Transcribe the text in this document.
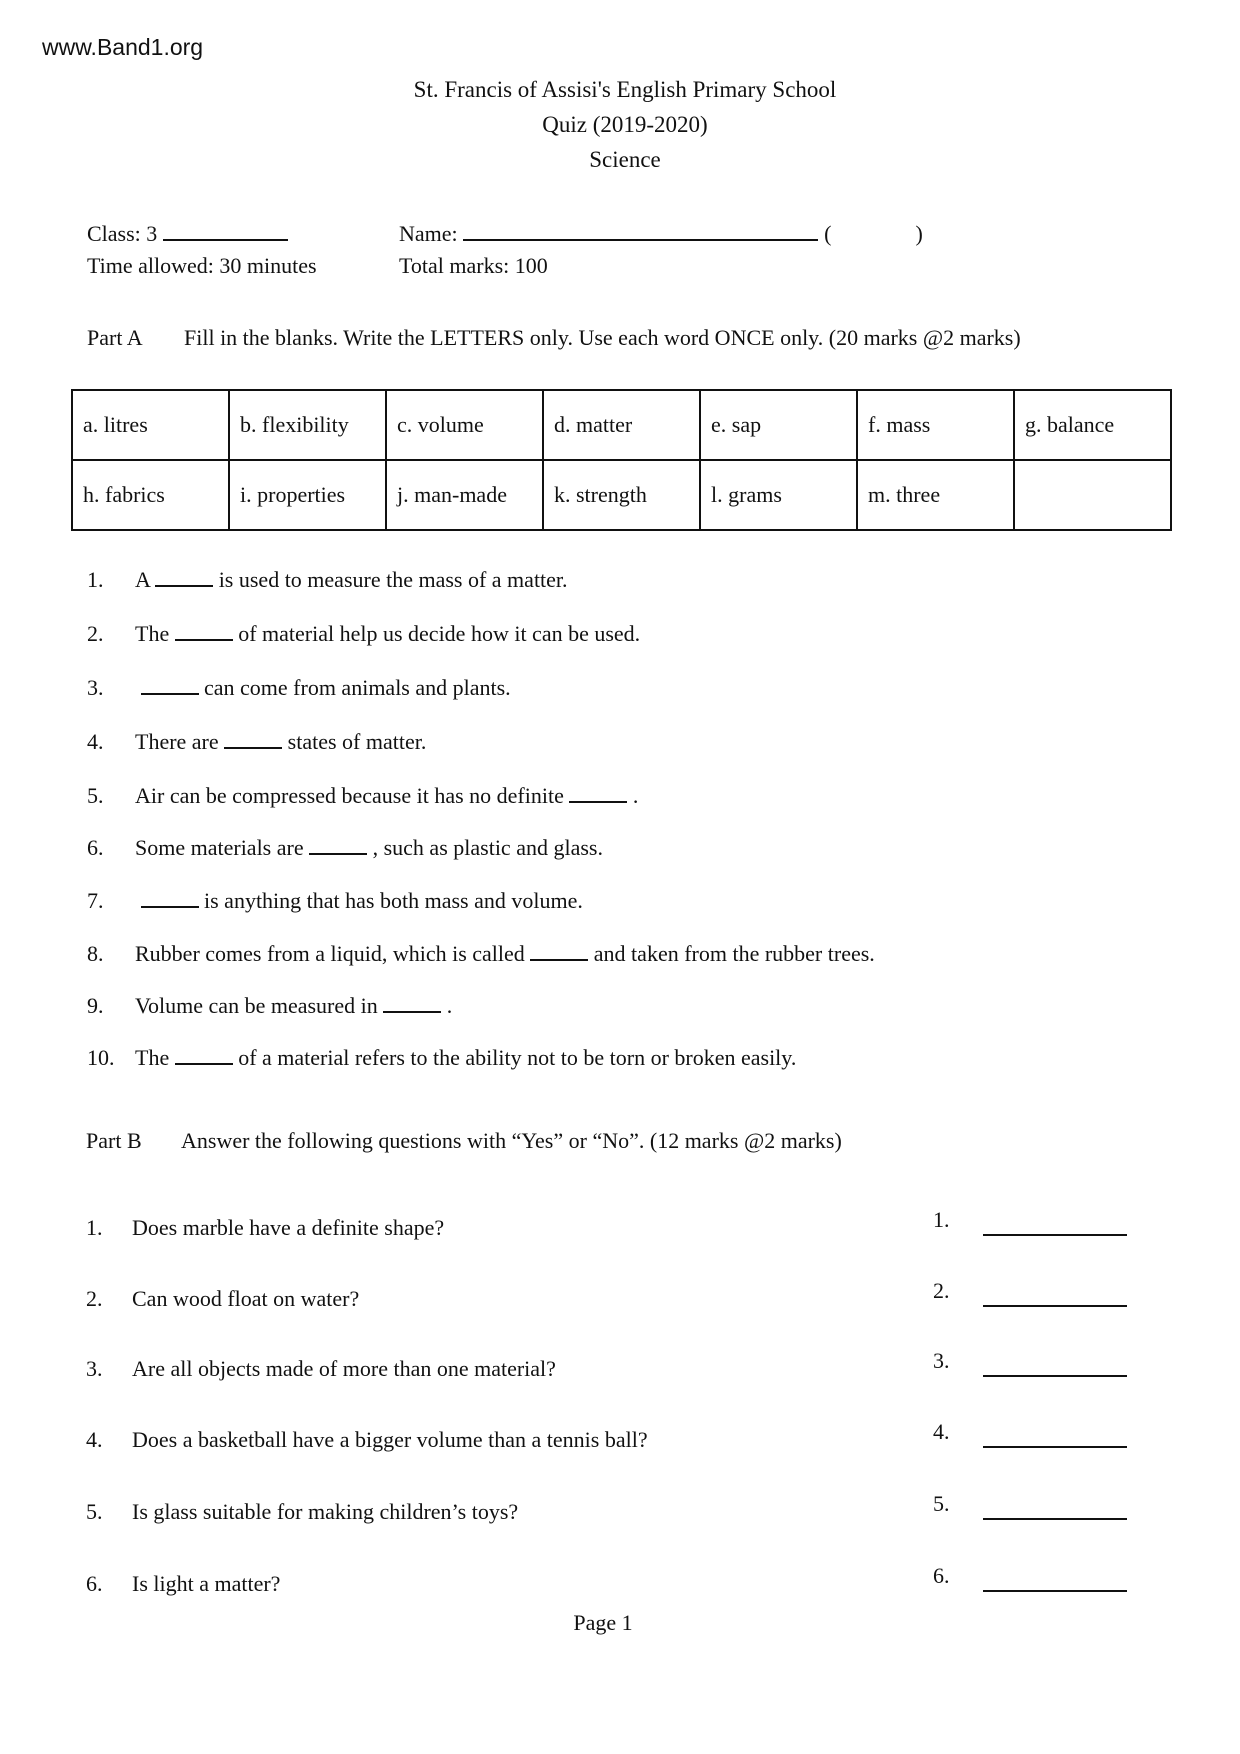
www.Band1.org
St. Francis of Assisi's English Primary School
Quiz (2019-2020)
Science
Class: 3	Name:	(	)
Time allowed: 30 minutes	Total marks: 100
Part A Fill in the blanks. Write the LETTERS only. Use each word ONCE only. (20 marks @2 marks)
a. litres	b. flexibility	c. volume	d. matter	e. sap	f. mass	g. balance
h. fabrics	i. properties	j. man-made	k. strength	l. grams	m. three	
1. A	is used to measure the mass of a matter.
2. The	of material help us decide how it can be used.
3.	can come from animals and plants.
4. There are	states of matter.
5. Air can be compressed because it has no definite	.
6. Some materials are	, such as plastic and glass.
7.	is anything that has both mass and volume.
8. Rubber comes from a liquid, which is called	and taken from the rubber trees.
9. Volume can be measured in	.
10. The	of a material refers to the ability not to be torn or broken easily.
Part B Answer the following questions with “Yes” or “No”. (12 marks @2 marks)
1. Does marble have a definite shape?	1.
2. Can wood float on water?	2.
3. Are all objects made of more than one material?	3.
4. Does a basketball have a bigger volume than a tennis ball?	4.
5. Is glass suitable for making children’s toys?	5.
6. Is light a matter?	6.
Page 1
